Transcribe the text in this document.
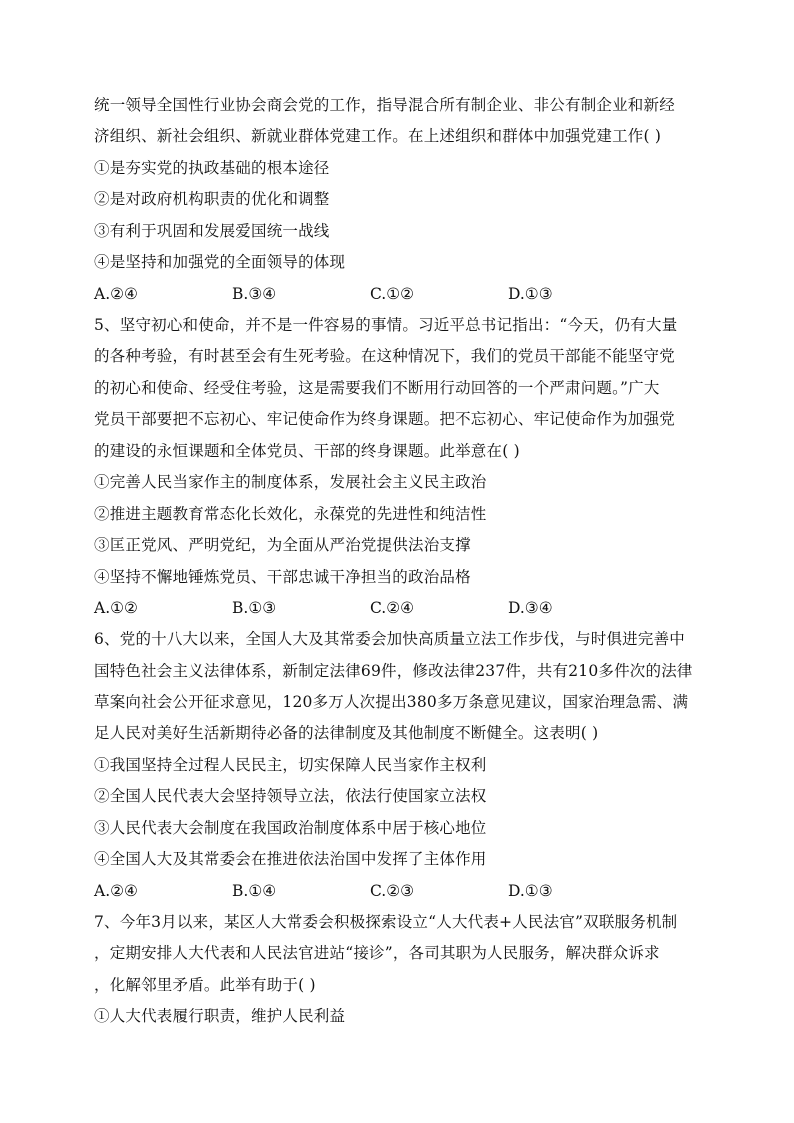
统一领导全国性行业协会商会党的工作，指导混合所有制企业、非公有制企业和新经
济组织、新社会组织、新就业群体党建工作。在上述组织和群体中加强党建工作( )
①是夯实党的执政基础的根本途径
②是对政府机构职责的优化和调整
③有利于巩固和发展爱国统一战线
④是坚持和加强党的全面领导的体现
A.②④	B.③④	C.①②	D.①③
5、坚守初心和使命，并不是一件容易的事情。习近平总书记指出：“今天，仍有大量
的各种考验，有时甚至会有生死考验。在这种情况下，我们的党员干部能不能坚守党
的初心和使命、经受住考验，这是需要我们不断用行动回答的一个严肃问题。”广大
党员干部要把不忘初心、牢记使命作为终身课题。把不忘初心、牢记使命作为加强党
的建设的永恒课题和全体党员、干部的终身课题。此举意在( )
①完善人民当家作主的制度体系，发展社会主义民主政治
②推进主题教育常态化长效化，永葆党的先进性和纯洁性
③匡正党风、严明党纪，为全面从严治党提供法治支撑
④坚持不懈地锤炼党员、干部忠诚干净担当的政治品格
A.①②	B.①③	C.②④	D.③④
6、党的十八大以来，全国人大及其常委会加快高质量立法工作步伐，与时俱进完善中
国特色社会主义法律体系，新制定法律69件，修改法律237件，共有210多件次的法律
草案向社会公开征求意见，120多万人次提出380多万条意见建议，国家治理急需、满
足人民对美好生活新期待必备的法律制度及其他制度不断健全。这表明( )
①我国坚持全过程人民民主，切实保障人民当家作主权利
②全国人民代表大会坚持领导立法，依法行使国家立法权
③人民代表大会制度在我国政治制度体系中居于核心地位
④全国人大及其常委会在推进依法治国中发挥了主体作用
A.②④	B.①④	C.②③	D.①③
7、今年3月以来，某区人大常委会积极探索设立“人大代表+人民法官”双联服务机制
，定期安排人大代表和人民法官进站“接诊”，各司其职为人民服务，解决群众诉求
，化解邻里矛盾。此举有助于( )
①人大代表履行职责，维护人民利益
